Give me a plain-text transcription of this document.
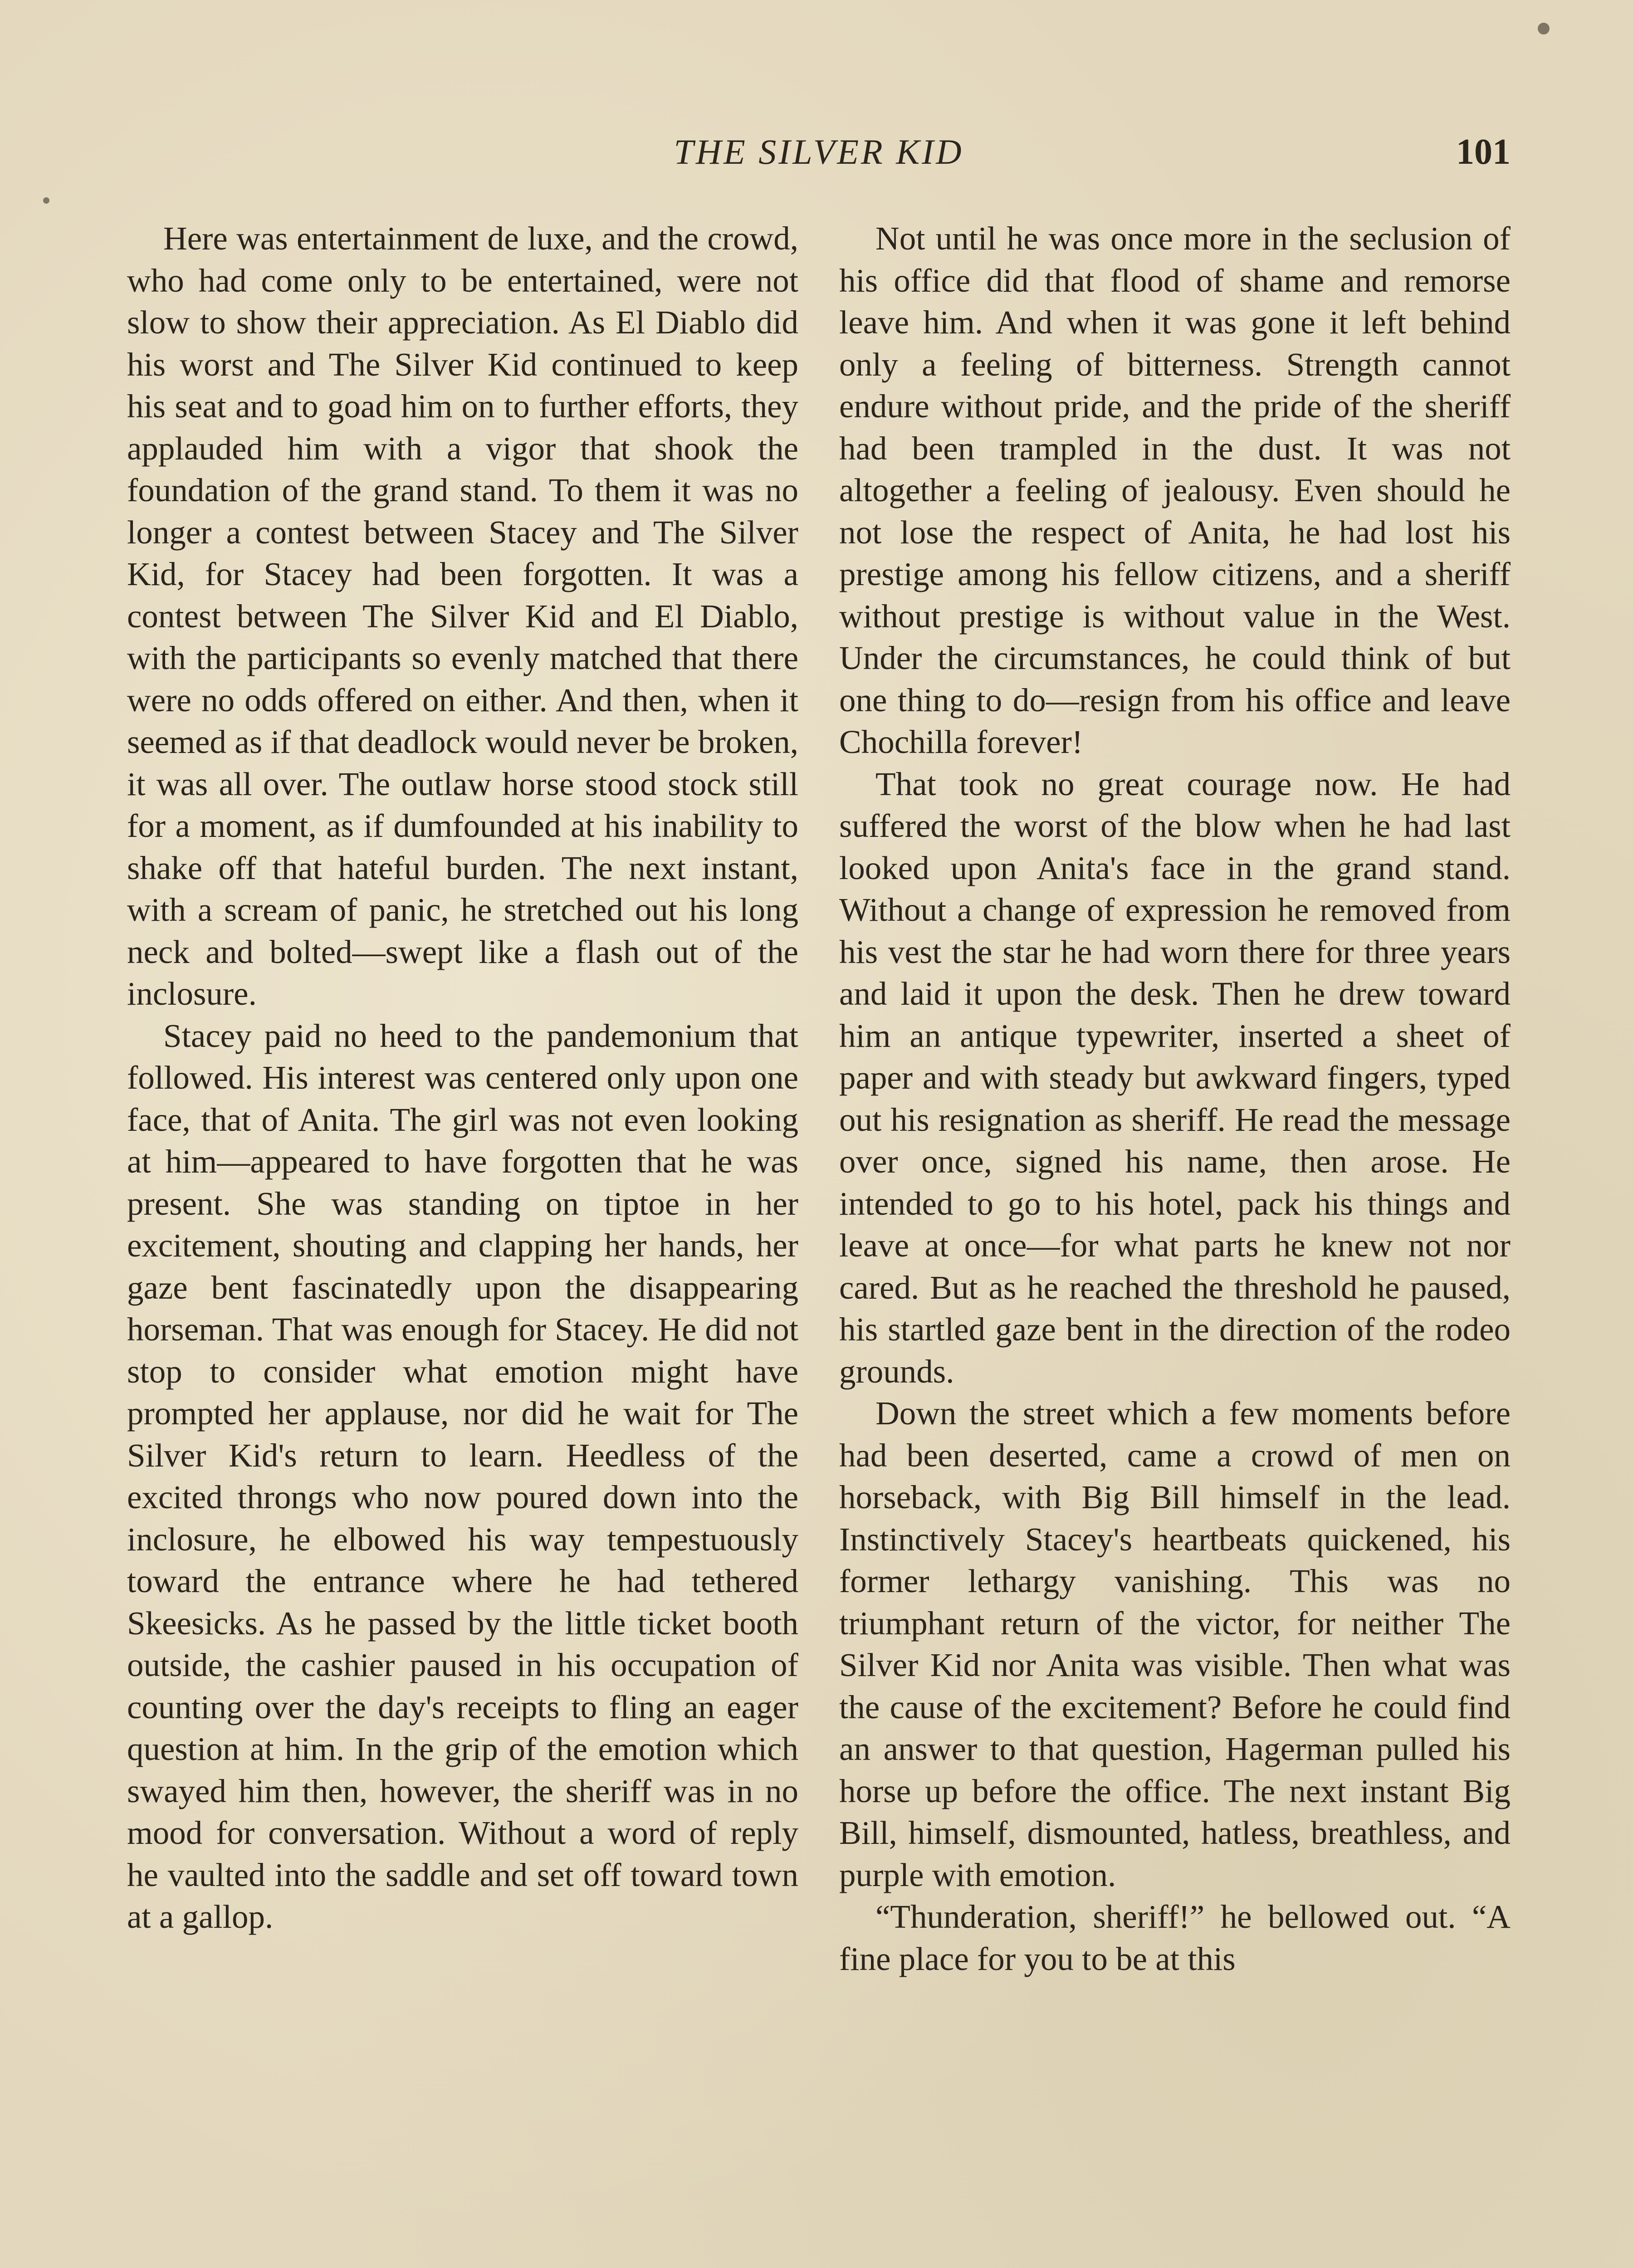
THE SILVER KID	101

Here was entertainment de luxe, and the crowd, who had come only to be entertained, were not slow to show their appreciation. As El Diablo did his worst and The Silver Kid continued to keep his seat and to goad him on to further efforts, they applauded him with a vigor that shook the foundation of the grand stand. To them it was no longer a contest between Stacey and The Silver Kid, for Stacey had been forgotten. It was a contest between The Silver Kid and El Diablo, with the participants so evenly matched that there were no odds offered on either. And then, when it seemed as if that deadlock would never be broken, it was all over. The outlaw horse stood stock still for a moment, as if dumfounded at his inability to shake off that hateful burden. The next instant, with a scream of panic, he stretched out his long neck and bolted—swept like a flash out of the inclosure.

Stacey paid no heed to the pandemonium that followed. His interest was centered only upon one face, that of Anita. The girl was not even looking at him—appeared to have forgotten that he was present. She was standing on tiptoe in her excitement, shouting and clapping her hands, her gaze bent fascinatedly upon the disappearing horseman. That was enough for Stacey. He did not stop to consider what emotion might have prompted her applause, nor did he wait for The Silver Kid's return to learn. Heedless of the excited throngs who now poured down into the inclosure, he elbowed his way tempestuously toward the entrance where he had tethered Skeesicks. As he passed by the little ticket booth outside, the cashier paused in his occupation of counting over the day's receipts to fling an eager question at him. In the grip of the emotion which swayed him then, however, the sheriff was in no mood for conversation. Without a word of reply he vaulted into the saddle and set off toward town at a gallop.

Not until he was once more in the seclusion of his office did that flood of shame and remorse leave him. And when it was gone it left behind only a feeling of bitterness. Strength cannot endure without pride, and the pride of the sheriff had been trampled in the dust. It was not altogether a feeling of jealousy. Even should he not lose the respect of Anita, he had lost his prestige among his fellow citizens, and a sheriff without prestige is without value in the West. Under the circumstances, he could think of but one thing to do—resign from his office and leave Chochilla forever!

That took no great courage now. He had suffered the worst of the blow when he had last looked upon Anita's face in the grand stand. Without a change of expression he removed from his vest the star he had worn there for three years and laid it upon the desk. Then he drew toward him an antique typewriter, inserted a sheet of paper and with steady but awkward fingers, typed out his resignation as sheriff. He read the message over once, signed his name, then arose. He intended to go to his hotel, pack his things and leave at once—for what parts he knew not nor cared. But as he reached the threshold he paused, his startled gaze bent in the direction of the rodeo grounds.

Down the street which a few moments before had been deserted, came a crowd of men on horseback, with Big Bill himself in the lead. Instinctively Stacey's heartbeats quickened, his former lethargy vanishing. This was no triumphant return of the victor, for neither The Silver Kid nor Anita was visible. Then what was the cause of the excitement? Before he could find an answer to that question, Hagerman pulled his horse up before the office. The next instant Big Bill, himself, dismounted, hatless, breathless, and purple with emotion.

“Thunderation, sheriff!” he bellowed out. “A fine place for you to be at this
